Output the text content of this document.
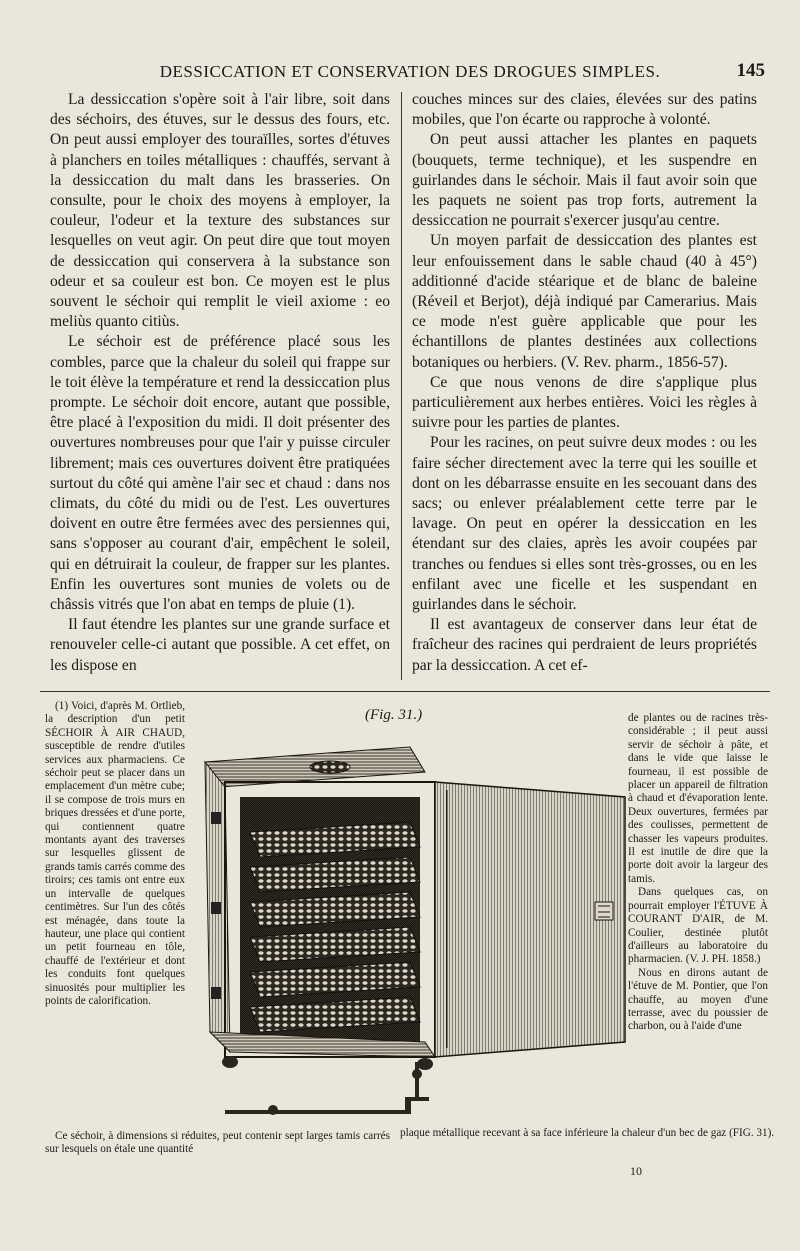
DESSICCATION ET CONSERVATION DES DROGUES SIMPLES.	145

La dessiccation s'opère soit à l'air libre, soit dans des séchoirs, des étuves, sur le dessus des fours, etc. On peut aussi employer des touraïlles, sortes d'étuves à planchers en toiles métalliques : chauffés, servant à la dessiccation du malt dans les brasseries. On consulte, pour le choix des moyens à employer, la couleur, l'odeur et la texture des substances sur lesquelles on veut agir. On peut dire que tout moyen de dessiccation qui conservera à la substance son odeur et sa couleur est bon. Ce moyen est le plus souvent le séchoir qui remplit le vieil axiome : eo meliùs quanto citiùs.

Le séchoir est de préférence placé sous les combles, parce que la chaleur du soleil qui frappe sur le toit élève la température et rend la dessiccation plus prompte. Le séchoir doit encore, autant que possible, être placé à l'exposition du midi. Il doit présenter des ouvertures nombreuses pour que l'air y puisse circuler librement; mais ces ouvertures doivent être pratiquées surtout du côté qui amène l'air sec et chaud : dans nos climats, du côté du midi ou de l'est. Les ouvertures doivent en outre être fermées avec des persiennes qui, sans s'opposer au courant d'air, empêchent le soleil, qui en détruirait la couleur, de frapper sur les plantes. Enfin les ouvertures sont munies de volets ou de châssis vitrés que l'on abat en temps de pluie (1).

Il faut étendre les plantes sur une grande surface et renouveler celle-ci autant que possible. A cet effet, on les dispose en

couches minces sur des claies, élevées sur des patins mobiles, que l'on écarte ou rapproche à volonté.

On peut aussi attacher les plantes en paquets (bouquets, terme technique), et les suspendre en guirlandes dans le séchoir. Mais il faut avoir soin que les paquets ne soient pas trop forts, autrement la dessiccation ne pourrait s'exercer jusqu'au centre.

Un moyen parfait de dessiccation des plantes est leur enfouissement dans le sable chaud (40 à 45°) additionné d'acide stéarique et de blanc de baleine (Réveil et Berjot), déjà indiqué par Camerarius. Mais ce mode n'est guère applicable que pour les échantillons de plantes destinées aux collections botaniques ou herbiers. (V. Rev. pharm., 1856-57).

Ce que nous venons de dire s'applique plus particulièrement aux herbes entières. Voici les règles à suivre pour les parties de plantes.

Pour les racines, on peut suivre deux modes : ou les faire sécher directement avec la terre qui les souille et dont on les débarrasse ensuite en les secouant dans des sacs; ou enlever préalablement cette terre par le lavage. On peut en opérer la dessiccation en les étendant sur des claies, après les avoir coupées par tranches ou fendues si elles sont très-grosses, ou en les enfilant avec une ficelle et les suspendant en guirlandes dans le séchoir.

Il est avantageux de conserver dans leur état de fraîcheur des racines qui perdraient de leurs propriétés par la dessiccation. A cet ef-

(1) Voici, d'après M. Ortlieb, la description d'un petit SÉCHOIR À AIR CHAUD, susceptible de rendre d'utiles services aux pharmaciens. Ce séchoir peut se placer dans un emplacement d'un mètre cube; il se compose de trois murs en briques dressées et d'une porte, qui contiennent quatre montants ayant des traverses sur lesquelles glissent de grands tamis carrés comme des tiroirs; ces tamis ont entre eux un intervalle de quelques centimètres. Sur l'un des côtés est ménagée, dans toute la hauteur, une place qui contient un petit fourneau en tôle, chauffé de l'extérieur et dont les conduits font quelques sinuosités pour multiplier les points de calorification.

(Fig. 31.)	de plantes ou de racines très-considérable ; il peut aussi servir de séchoir à pâte, et dans le vide que laisse le fourneau, il est possible de placer un appareil de filtration à chaud et d'évaporation lente. Deux ouvertures, fermées par des coulisses, permettent de chasser les vapeurs produites. Il est inutile de dire que la porte doit avoir la largeur des tamis.

Dans quelques cas, on pourrait employer l'ÉTUVE À COURANT D'AIR, de M. Coulier, destinée plutôt d'ailleurs au laboratoire du pharmacien. (V. J. PH. 1858.)

Nous en dirons autant de l'étuve de M. Pontier, que l'on chauffe, au moyen d'une terrasse, avec du poussier de charbon, ou à l'aide d'une

Ce séchoir, à dimensions si réduites, peut contenir sept larges tamis carrés sur lesquels on étale une quantité

plaque métallique recevant à sa face inférieure la chaleur d'un bec de gaz (FIG. 31).

10
